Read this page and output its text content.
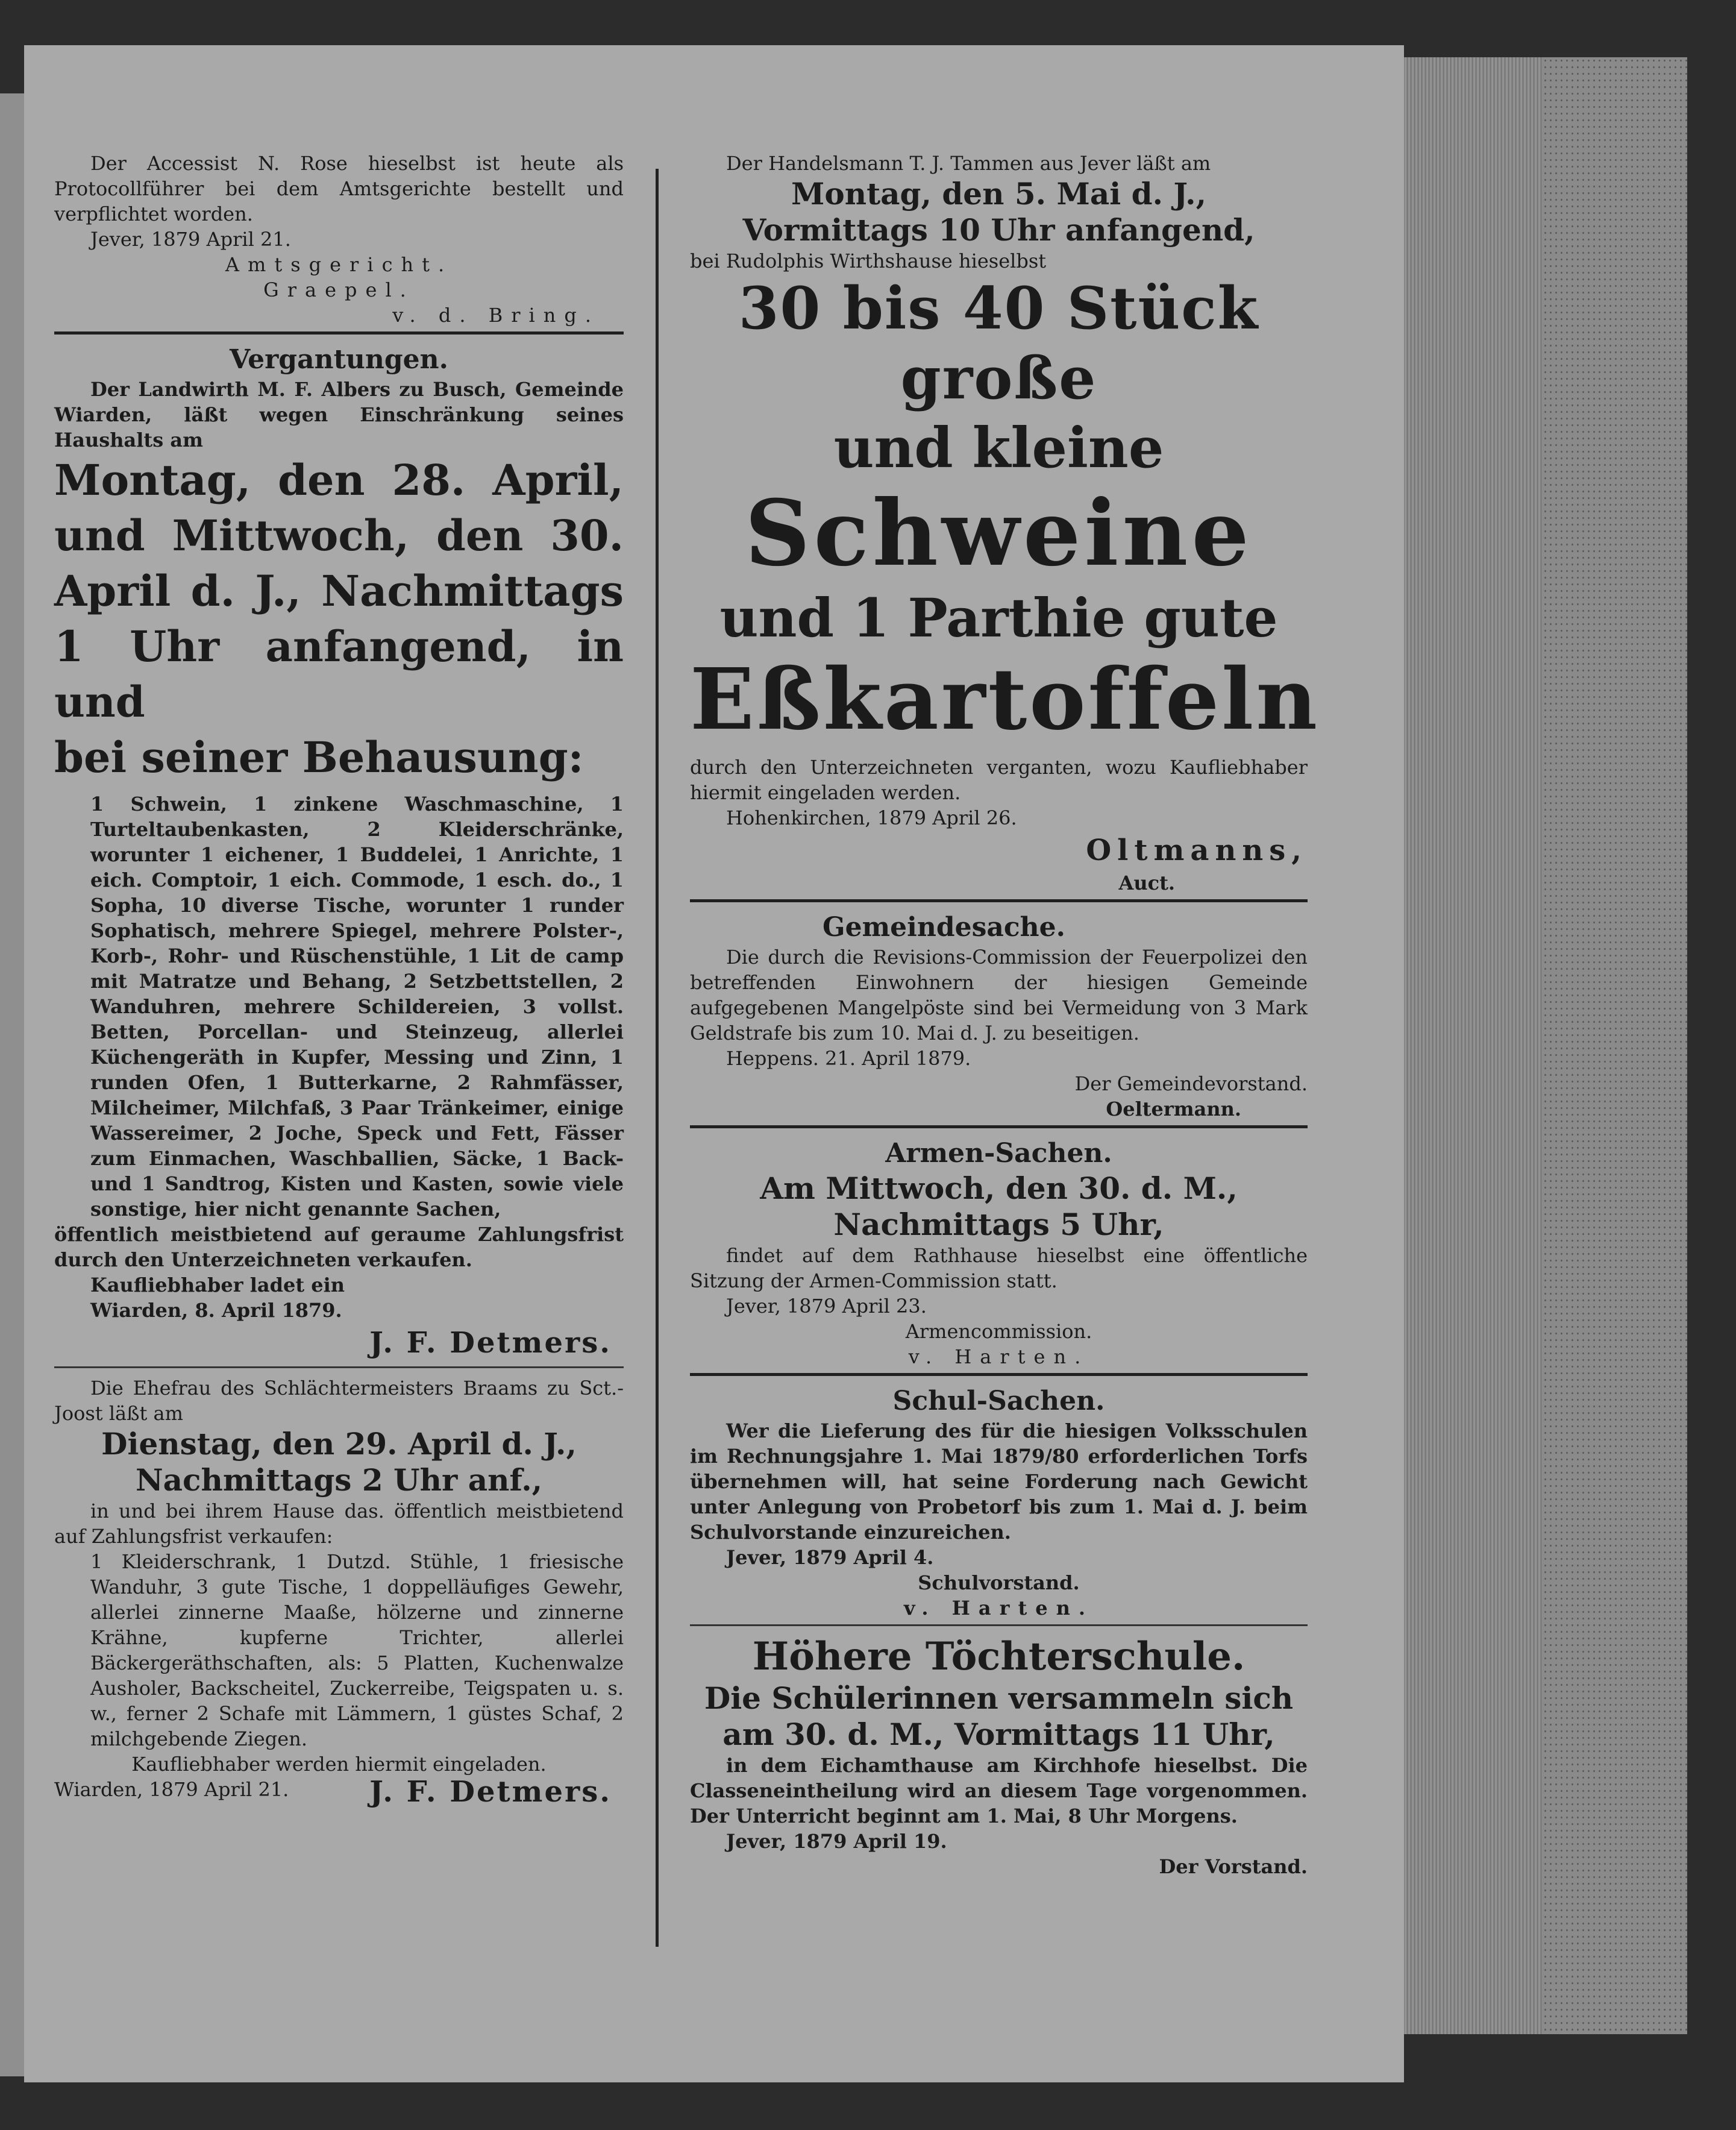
Der Accessist N. Rose hieselbst ist heute als Protocollführer bei dem Amtsgerichte bestellt und verpflichtet worden.

Jever, 1879 April 21.

Amtsgericht.

Graepel.

v. d. Bring.

Vergantungen.

Der Landwirth M. F. Albers zu Busch, Gemeinde Wiarden, läßt wegen Einschränkung seines Haushalts am

Montag, den 28. April,

und Mittwoch, den 30.

April d. J., Nachmittags

1 Uhr anfangend, in und

bei seiner Behausung:

1 Schwein, 1 zinkene Waschmaschine, 1 Turteltaubenkasten, 2 Kleiderschränke, worunter 1 eichener, 1 Buddelei, 1 Anrichte, 1 eich. Comptoir, 1 eich. Commode, 1 esch. do., 1 Sopha, 10 diverse Tische, worunter 1 runder Sophatisch, mehrere Spiegel, mehrere Polster-, Korb-, Rohr- und Rüschenstühle, 1 Lit de camp mit Matratze und Behang, 2 Setzbettstellen, 2 Wanduhren, mehrere Schildereien, 3 vollst. Betten, Porcellan- und Steinzeug, allerlei Küchengeräth in Kupfer, Messing und Zinn, 1 runden Ofen, 1 Butterkarne, 2 Rahmfässer, Milcheimer, Milchfaß, 3 Paar Tränkeimer, einige Wassereimer, 2 Joche, Speck und Fett, Fässer zum Einmachen, Waschballien, Säcke, 1 Back- und 1 Sandtrog, Kisten und Kasten, sowie viele sonstige, hier nicht genannte Sachen,

öffentlich meistbietend auf geraume Zahlungsfrist durch den Unterzeichneten verkaufen.

Kaufliebhaber ladet ein

Wiarden, 8. April 1879.

J. F. Detmers.

Die Ehefrau des Schlächtermeisters Braams zu Sct.-Joost läßt am

Dienstag, den 29. April d. J.,

Nachmittags 2 Uhr anf.,

in und bei ihrem Hause das. öffentlich meistbietend auf Zahlungsfrist verkaufen:

1 Kleiderschrank, 1 Dutzd. Stühle, 1 friesische Wanduhr, 3 gute Tische, 1 doppelläufiges Gewehr, allerlei zinnerne Maaße, hölzerne und zinnerne Krähne, kupferne Trichter, allerlei Bäckergeräthschaften, als: 5 Platten, Kuchenwalze Ausholer, Backscheitel, Zuckerreibe, Teigspaten u. s. w., ferner 2 Schafe mit Lämmern, 1 güstes Schaf, 2 milchgebende Ziegen.

Kaufliebhaber werden hiermit eingeladen.

Wiarden, 1879 April 21.	J. F. Detmers.

Der Handelsmann T. J. Tammen aus Jever läßt am

Montag, den 5. Mai d. J.,

Vormittags 10 Uhr anfangend,

bei Rudolphis Wirthshause hieselbst

30 bis 40 Stück große

und kleine

Schweine

und 1 Parthie gute

Eßkartoffeln

durch den Unterzeichneten verganten, wozu Kaufliebhaber hiermit eingeladen werden.

Hohenkirchen, 1879 April 26.

Oltmanns,

Auct.

Gemeindesache.

Die durch die Revisions-Commission der Feuerpolizei den betreffenden Einwohnern der hiesigen Gemeinde aufgegebenen Mangelpöste sind bei Vermeidung von 3 Mark Geldstrafe bis zum 10. Mai d. J. zu beseitigen.

Heppens. 21. April 1879.

Der Gemeindevorstand.

Oeltermann.

Armen-Sachen.

Am Mittwoch, den 30. d. M.,

Nachmittags 5 Uhr,

findet auf dem Rathhause hieselbst eine öffentliche Sitzung der Armen-Commission statt.

Jever, 1879 April 23.

Armencommission.

v. Harten.

Schul-Sachen.

Wer die Lieferung des für die hiesigen Volksschulen im Rechnungsjahre 1. Mai 1879/80 erforderlichen Torfs übernehmen will, hat seine Forderung nach Gewicht unter Anlegung von Probetorf bis zum 1. Mai d. J. beim Schulvorstande einzureichen.

Jever, 1879 April 4.

Schulvorstand.

v. Harten.

Höhere Töchterschule.

Die Schülerinnen versammeln sich

am 30. d. M., Vormittags 11 Uhr,

in dem Eichamthause am Kirchhofe hieselbst. Die Classeneintheilung wird an diesem Tage vorgenommen. Der Unterricht beginnt am 1. Mai, 8 Uhr Morgens.

Jever, 1879 April 19.

Der Vorstand.
